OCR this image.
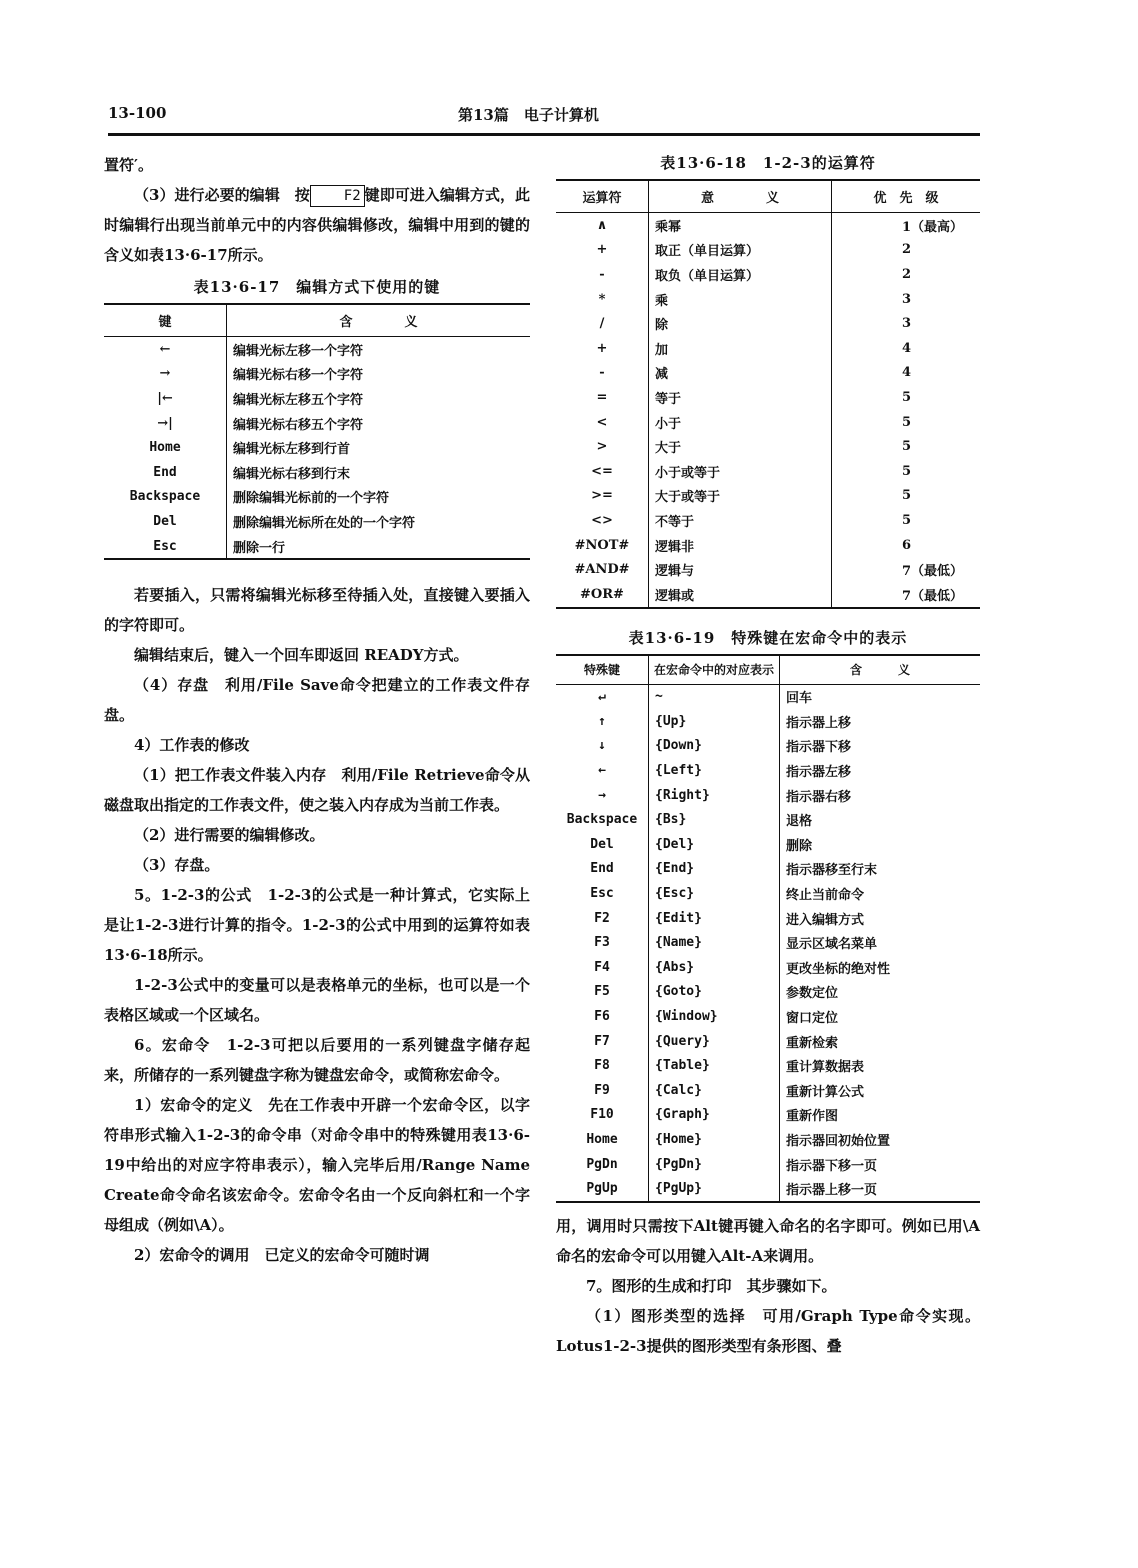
13-100	第13篇　电子计算机

置符′。

（3）进行必要的编辑　按 F2 键即可进入编辑方式，此时编辑行出现当前单元中的内容供编辑修改，编辑中用到的键的含义如表13·6-17所示。

表13·6-17　编辑方式下使用的键
键	含　　　　义
←	编辑光标左移一个字符
→	编辑光标右移一个字符
|←	编辑光标左移五个字符
→|	编辑光标右移五个字符
Home	编辑光标左移到行首
End	编辑光标右移到行末
Backspace	删除编辑光标前的一个字符
Del	删除编辑光标所在处的一个字符
Esc	删除一行

若要插入，只需将编辑光标移至待插入处，直接键入要插入的字符即可。

编辑结束后，键入一个回车即返回 READY方式。

（4）存盘　利用/File Save命令把建立的工作表文件存盘。

4）工作表的修改

（1）把工作表文件装入内存　利用/File Retrieve命令从磁盘取出指定的工作表文件，使之装入内存成为当前工作表。

（2）进行需要的编辑修改。

（3）存盘。

5。1-2-3的公式　1-2-3的公式是一种计算式，它实际上是让1-2-3进行计算的指令。1-2-3的公式中用到的运算符如表13·6-18所示。

1-2-3公式中的变量可以是表格单元的坐标，也可以是一个表格区域或一个区域名。

6。宏命令　1-2-3可把以后要用的一系列键盘字储存起来，所储存的一系列键盘字称为键盘宏命令，或简称宏命令。

1）宏命令的定义　先在工作表中开辟一个宏命令区，以字符串形式输入1-2-3的命令串（对命令串中的特殊键用表13·6-19中给出的对应字符串表示），输入完毕后用/Range Name Create命令命名该宏命令。宏命令名由一个反向斜杠和一个字母组成（例如\A）。

2）宏命令的调用　已定义的宏命令可随时调

表13·6-18　1-2-3的运算符
运算符	意　　　　义	优　先　级
∧	乘幂	1（最高）
+	取正（单目运算）	2
-	取负（单目运算）	2
*	乘	3
/	除	3
+	加	4
-	减	4
=	等于	5
<	小于	5
>	大于	5
<=	小于或等于	5
>=	大于或等于	5
<>	不等于	5
#NOT#	逻辑非	6
#AND#	逻辑与	7（最低）
#OR#	逻辑或	7（最低）
表13·6-19　特殊键在宏命令中的表示
特殊键	在宏命令中的对应表示	含　　　义
↵	~	回车
↑	{Up}	指示器上移
↓	{Down}	指示器下移
←	{Left}	指示器左移
→	{Right}	指示器右移
Backspace	{Bs}	退格
Del	{Del}	删除
End	{End}	指示器移至行末
Esc	{Esc}	终止当前命令
F2	{Edit}	进入编辑方式
F3	{Name}	显示区域名菜单
F4	{Abs}	更改坐标的绝对性
F5	{Goto}	参数定位
F6	{Window}	窗口定位
F7	{Query}	重新检索
F8	{Table}	重计算数据表
F9	{Calc}	重新计算公式
F10	{Graph}	重新作图
Home	{Home}	指示器回初始位置
PgDn	{PgDn}	指示器下移一页
PgUp	{PgUp}	指示器上移一页

用，调用时只需按下Alt键再键入命名的名字即可。例如已用\A命名的宏命令可以用键入Alt-A来调用。

7。图形的生成和打印　其步骤如下。

（1）图形类型的选择　可用/Graph Type命令实现。Lotus1-2-3提供的图形类型有条形图、叠
